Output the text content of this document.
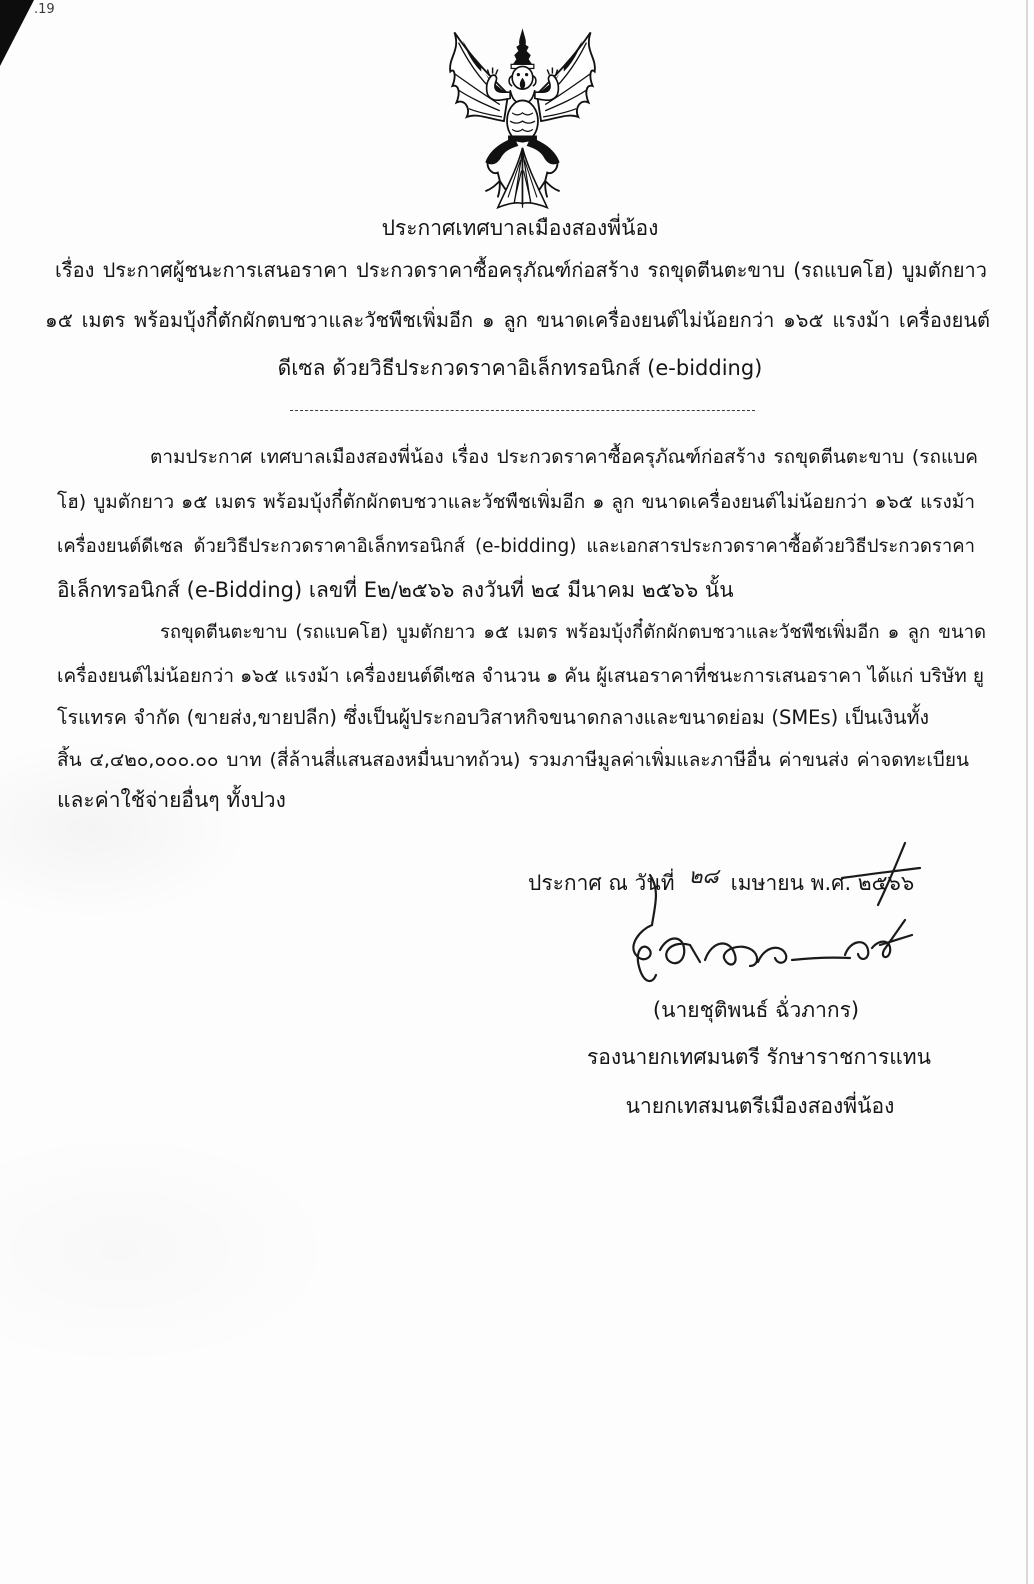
.19
ประกาศเทศบาลเมืองสองพี่น้อง
เรื่อง ประกาศผู้ชนะการเสนอราคา ประกวดราคาซื้อครุภัณฑ์ก่อสร้าง รถขุดตีนตะขาบ (รถแบคโฮ) บูมตักยาว
๑๕ เมตร พร้อมบุ้งกี๋ตักผักตบชวาและวัชพืชเพิ่มอีก ๑ ลูก ขนาดเครื่องยนต์ไม่น้อยกว่า ๑๖๕ แรงม้า เครื่องยนต์
ดีเซล ด้วยวิธีประกวดราคาอิเล็กทรอนิกส์ (e-bidding)
ตามประกาศ เทศบาลเมืองสองพี่น้อง เรื่อง ประกวดราคาซื้อครุภัณฑ์ก่อสร้าง รถขุดตีนตะขาบ (รถแบค
โฮ) บูมตักยาว ๑๕ เมตร พร้อมบุ้งกี๋ตักผักตบชวาและวัชพืชเพิ่มอีก ๑ ลูก ขนาดเครื่องยนต์ไม่น้อยกว่า ๑๖๕ แรงม้า
เครื่องยนต์ดีเซล ด้วยวิธีประกวดราคาอิเล็กทรอนิกส์ (e-bidding) และเอกสารประกวดราคาซื้อด้วยวิธีประกวดราคา
อิเล็กทรอนิกส์ (e-Bidding) เลขที่ E๒/๒๕๖๖ ลงวันที่ ๒๔ มีนาคม ๒๕๖๖ นั้น
รถขุดตีนตะขาบ (รถแบคโฮ) บูมตักยาว ๑๕ เมตร พร้อมบุ้งกี๋ตักผักตบชวาและวัชพืชเพิ่มอีก ๑ ลูก ขนาด
เครื่องยนต์ไม่น้อยกว่า ๑๖๕ แรงม้า เครื่องยนต์ดีเซล จำนวน ๑ คัน ผู้เสนอราคาที่ชนะการเสนอราคา ได้แก่ บริษัท ยู
โรแทรค จำกัด (ขายส่ง,ขายปลีก) ซึ่งเป็นผู้ประกอบวิสาหกิจขนาดกลางและขนาดย่อม (SMEs) เป็นเงินทั้ง
สิ้น ๔,๔๒๐,๐๐๐.๐๐ บาท (สี่ล้านสี่แสนสองหมื่นบาทถ้วน) รวมภาษีมูลค่าเพิ่มและภาษีอื่น ค่าขนส่ง ค่าจดทะเบียน
และค่าใช้จ่ายอื่นๆ ทั้งปวง
ประกาศ ณ วันที่ ๒๘ เมษายน พ.ศ. ๒๕๖๖
(นายชุติพนธ์ ฉั่วภากร)
รองนายกเทศมนตรี รักษาราชการแทน
นายกเทสมนตรีเมืองสองพี่น้อง
